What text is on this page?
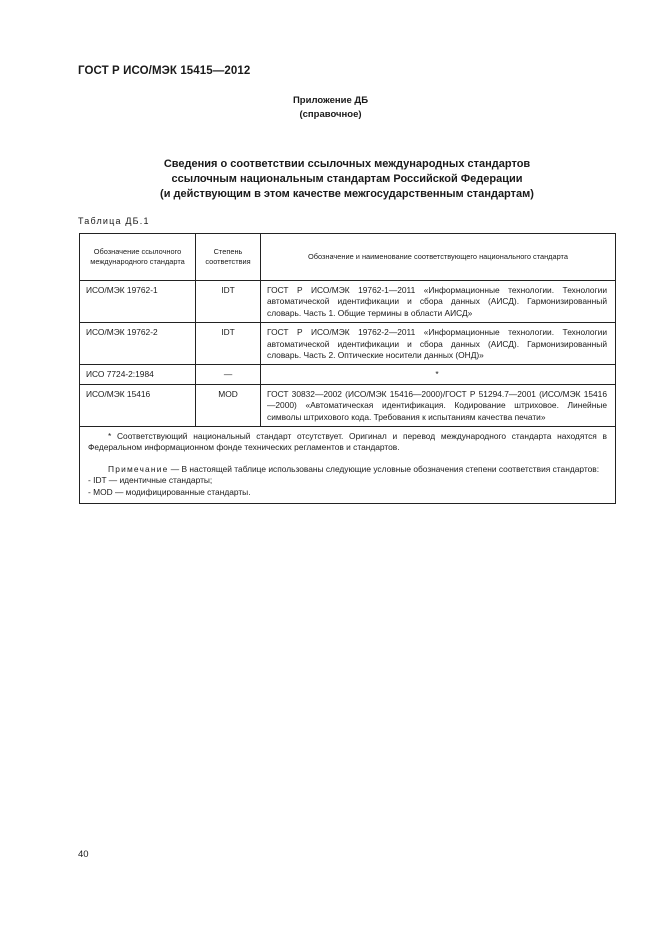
ГОСТ Р ИСО/МЭК 15415—2012
Приложение ДБ
(справочное)
Сведения о соответствии ссылочных международных стандартов
ссылочным национальным стандартам Российской Федерации
(и действующим в этом качестве межгосударственным стандартам)
Таблица ДБ.1
Обозначение ссылочного международного стандарта	Степень соответствия	Обозначение и наименование соответствующего национального стандарта
ИСО/МЭК 19762-1	IDT	ГОСТ Р ИСО/МЭК 19762-1—2011 «Информационные технологии. Технологии автоматической идентификации и сбора данных (АИСД). Гармонизированный словарь. Часть 1. Общие термины в области АИСД»
ИСО/МЭК 19762-2	IDT	ГОСТ Р ИСО/МЭК 19762-2—2011 «Информационные технологии. Технологии автоматической идентификации и сбора данных (АИСД). Гармонизированный словарь. Часть 2. Оптические носители данных (ОНД)»
ИСО 7724-2:1984	—	*
ИСО/МЭК 15416	MOD	ГОСТ 30832—2002 (ИСО/МЭК 15416—2000)/ГОСТ Р 51294.7—2001 (ИСО/МЭК 15416—2000) «Автоматическая идентификация. Кодирование штриховое. Линейные символы штрихового кода. Требования к испытаниям качества печати»

* Соответствующий национальный стандарт отсутствует. Оригинал и перевод международного стандарта находятся в Федеральном информационном фонде технических регламентов и стандартов.

Примечание — В настоящей таблице использованы следующие условные обозначения степени соответствия стандартов:

- IDT — идентичные стандарты;

- MOD — модифицированные стандарты.		

40
